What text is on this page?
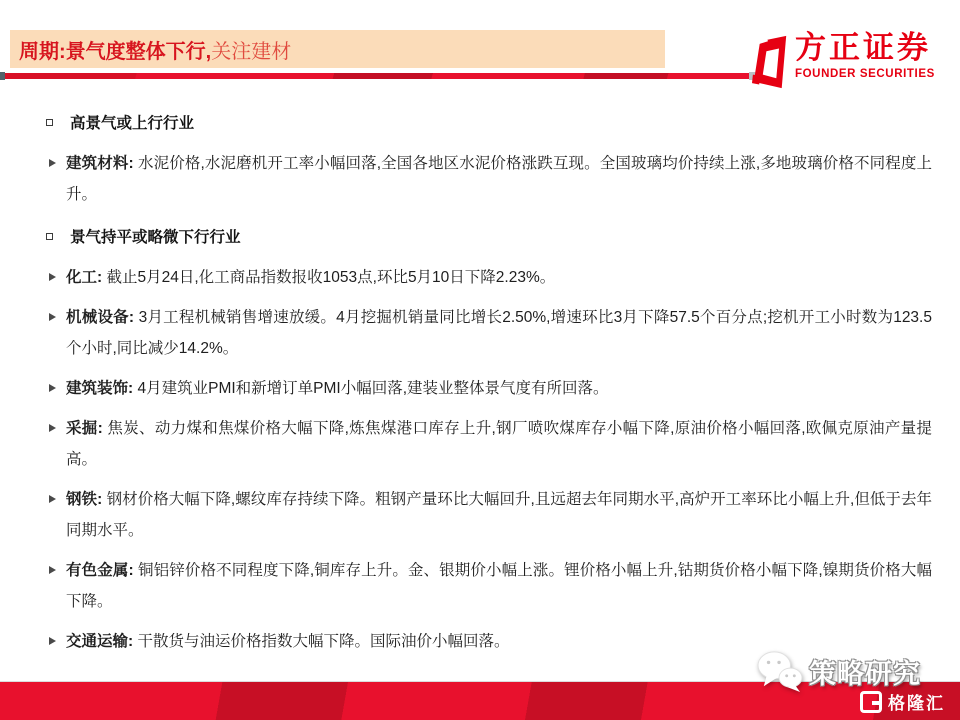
周期:景气度整体下行, 关注建材	方正证券
FOUNDER SECURITIES
高景气或上行行业
建筑材料: 水泥价格,水泥磨机开工率小幅回落,全国各地区水泥价格涨跌互现。全国玻璃均价持续上涨,多地玻璃价格不同程度上升。
景气持平或略微下行行业
化工: 截止5月24日,化工商品指数报收1053点,环比5月10日下降2.23%。
机械设备: 3月工程机械销售增速放缓。4月挖掘机销量同比增长2.50%,增速环比3月下降57.5个百分点;挖机开工小时数为123.5个小时,同比减少14.2%。
建筑装饰: 4月建筑业PMI和新增订单PMI小幅回落,建装业整体景气度有所回落。
采掘: 焦炭、动力煤和焦煤价格大幅下降,炼焦煤港口库存上升,钢厂喷吹煤库存小幅下降,原油价格小幅回落,欧佩克原油产量提高。
钢铁: 钢材价格大幅下降,螺纹库存持续下降。粗钢产量环比大幅回升,且远超去年同期水平,高炉开工率环比小幅上升,但低于去年同期水平。
有色金属: 铜铝锌价格不同程度下降,铜库存上升。金、银期价小幅上涨。锂价格小幅上升,钴期货价格小幅下降,镍期货价格大幅下降。
交通运输: 干散货与油运价格指数大幅下降。国际油价小幅回落。
策略研究
格隆汇
